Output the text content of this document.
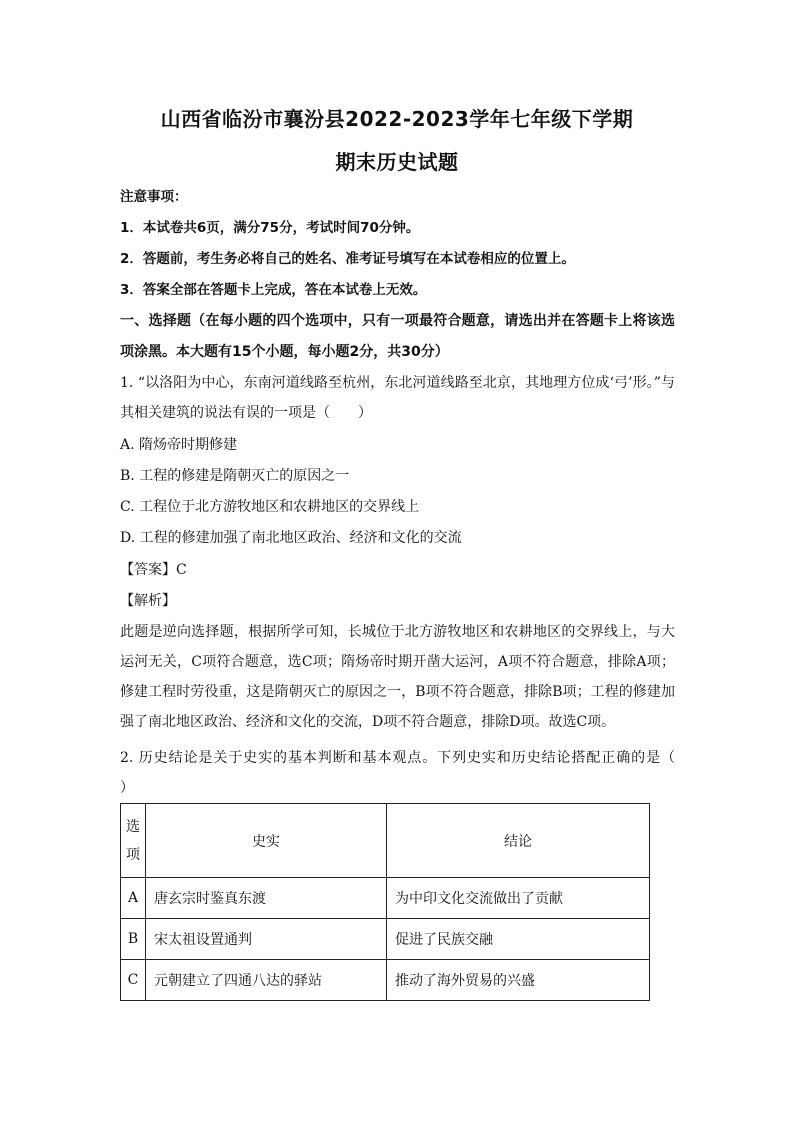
山西省临汾市襄汾县2022-2023学年七年级下学期
期末历史试题
注意事项：
1．本试卷共6页，满分75分，考试时间70分钟。
2．答题前，考生务必将自己的姓名、准考证号填写在本试卷相应的位置上。
3．答案全部在答题卡上完成，答在本试卷上无效。
一、选择题（在每小题的四个选项中，只有一项最符合题意，请选出并在答题卡上将该选项涂黑。本大题有15个小题，每小题2分，共30分）
1. “以洛阳为中心，东南河道线路至杭州，东北河道线路至北京，其地理方位成‘弓’形。”与其相关建筑的说法有误的一项是（　　）
A. 隋炀帝时期修建
B. 工程的修建是隋朝灭亡的原因之一
C. 工程位于北方游牧地区和农耕地区的交界线上
D. 工程的修建加强了南北地区政治、经济和文化的交流
【答案】C
【解析】
此题是逆向选择题，根据所学可知，长城位于北方游牧地区和农耕地区的交界线上，与大运河无关，C项符合题意，选C项；隋炀帝时期开凿大运河，A项不符合题意，排除A项；修建工程时劳役重，这是隋朝灭亡的原因之一，B项不符合题意，排除B项；工程的修建加强了南北地区政治、经济和文化的交流，D项不符合题意，排除D项。故选C项。
2. 历史结论是关于史实的基本判断和基本观点。下列史实和历史结论搭配正确的是（　　）
选
项	史实	结论
A	唐玄宗时鉴真东渡	为中印文化交流做出了贡献
B	宋太祖设置通判	促进了民族交融
C	元朝建立了四通八达的驿站	推动了海外贸易的兴盛
